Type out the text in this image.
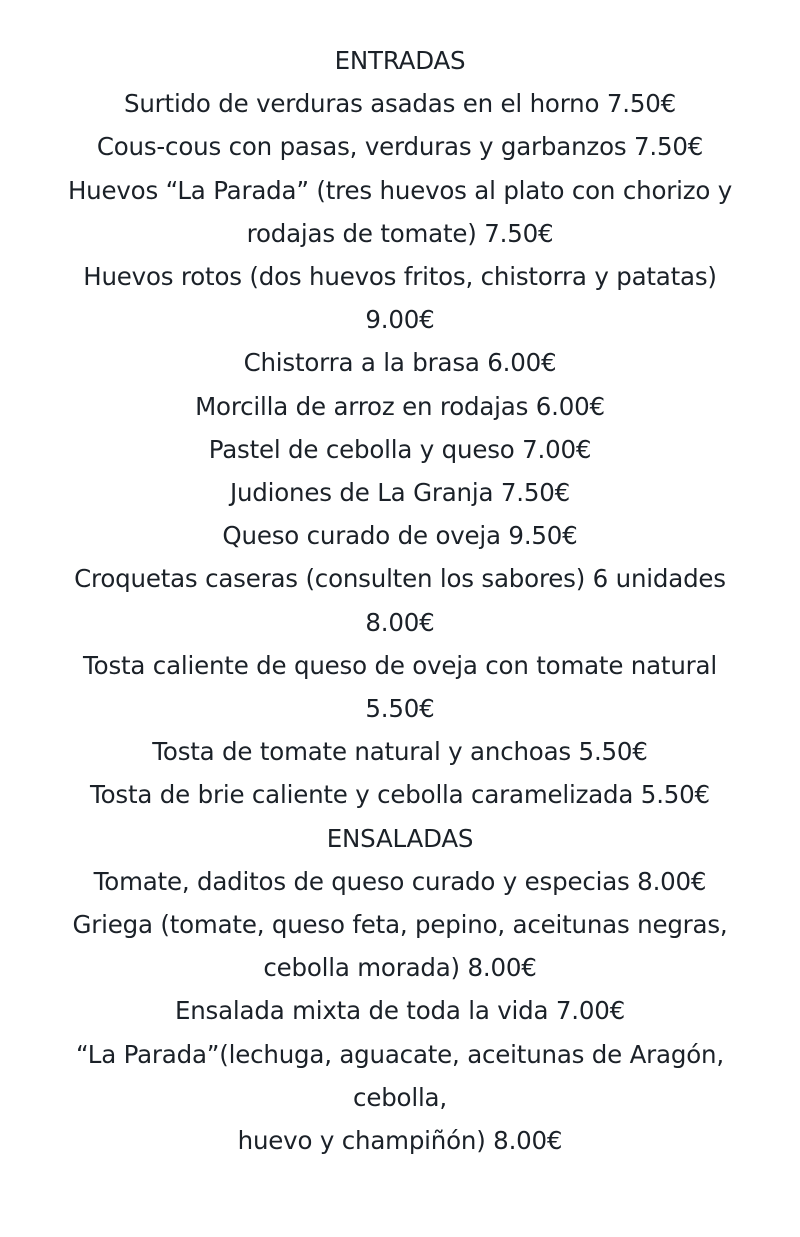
ENTRADAS
Surtido de verduras asadas en el horno 7.50€
Cous-cous con pasas, verduras y garbanzos 7.50€
Huevos “La Parada” (tres huevos al plato con chorizo y
rodajas de tomate) 7.50€
Huevos rotos (dos huevos fritos, chistorra y patatas)
9.00€
Chistorra a la brasa 6.00€
Morcilla de arroz en rodajas 6.00€
Pastel de cebolla y queso 7.00€
Judiones de La Granja 7.50€
Queso curado de oveja 9.50€
Croquetas caseras (consulten los sabores) 6 unidades
8.00€
Tosta caliente de queso de oveja con tomate natural
5.50€
Tosta de tomate natural y anchoas 5.50€
Tosta de brie caliente y cebolla caramelizada 5.50€
ENSALADAS
Tomate, daditos de queso curado y especias 8.00€
Griega (tomate, queso feta, pepino, aceitunas negras,
cebolla morada) 8.00€
Ensalada mixta de toda la vida 7.00€
“La Parada”(lechuga, aguacate, aceitunas de Aragón,
cebolla,
huevo y champiñón) 8.00€
